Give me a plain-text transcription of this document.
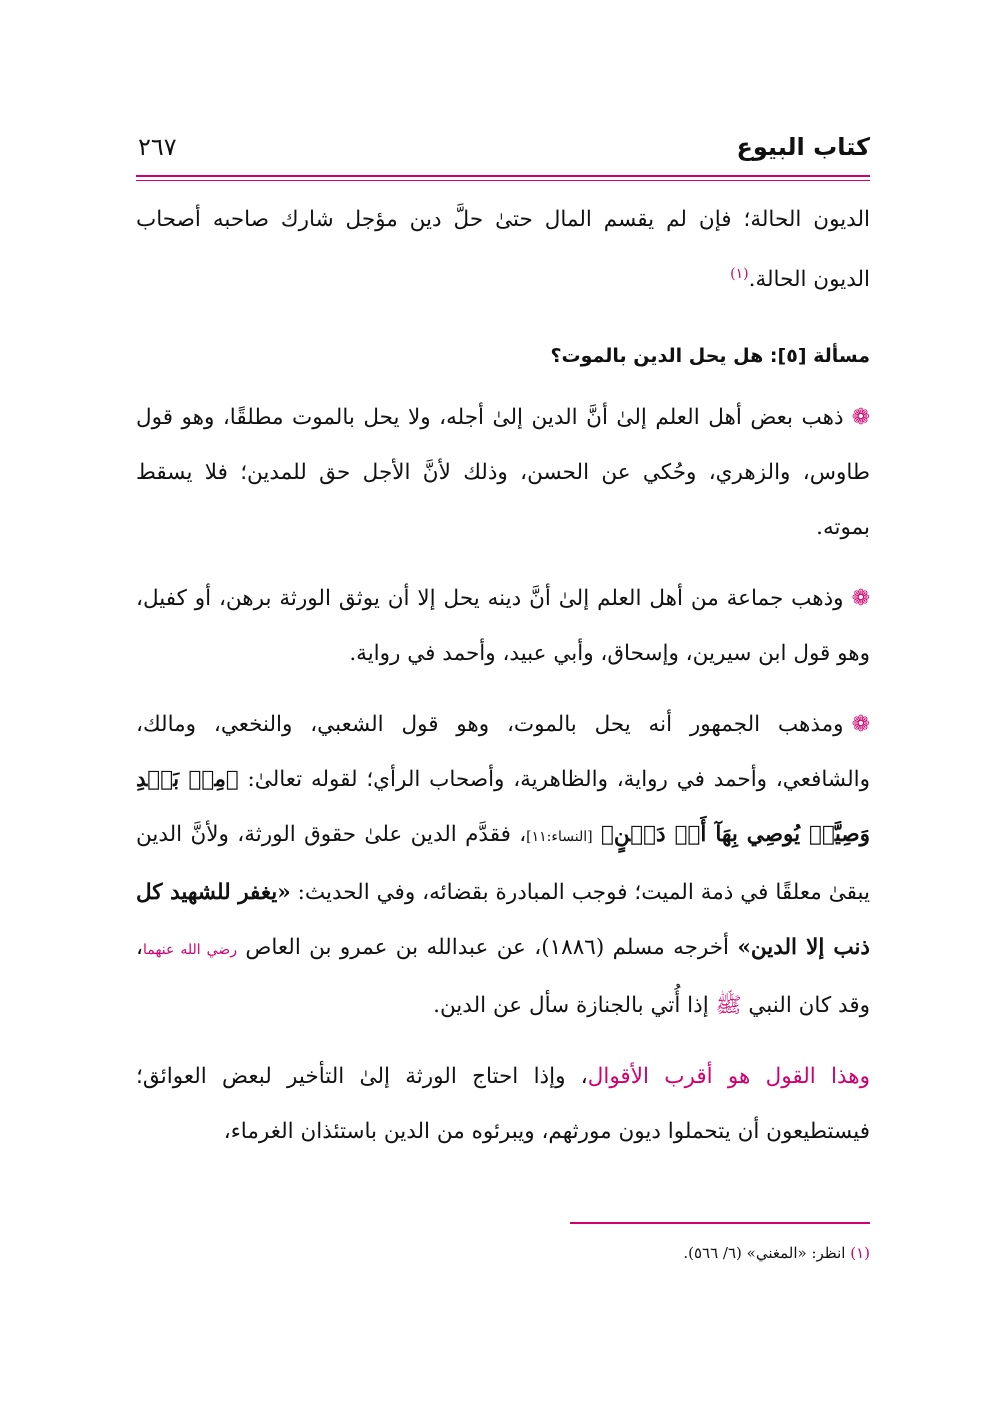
كتاب البيوع
٢٦٧

الديون الحالة؛ فإن لم يقسم المال حتىٰ حلَّ دين مؤجل شارك صاحبه أصحاب الديون الحالة.$^{(١)}$

مسألة [٥]: هل يحل الدين بالموت؟

❁ذهب بعض أهل العلم إلىٰ أنَّ الدين إلىٰ أجله، ولا يحل بالموت مطلقًا، وهو قول طاوس، والزهري، وحُكي عن الحسن، وذلك لأنَّ الأجل حق للمدين؛ فلا يسقط بموته.

❁وذهب جماعة من أهل العلم إلىٰ أنَّ دينه يحل إلا أن يوثق الورثة برهن، أو كفيل، وهو قول ابن سيرين، وإسحاق، وأبي عبيد، وأحمد في رواية.

❁ومذهب الجمهور أنه يحل بالموت، وهو قول الشعبي، والنخعي، ومالك، والشافعي، وأحمد في رواية، والظاهرية، وأصحاب الرأي؛ لقوله تعالىٰ: ﴿مِنۢ بَعۡدِ وَصِيَّةٖ يُوصِي بِهَآ أَوۡ دَيۡنٍ﴾ [النساء:١١]، فقدَّم الدين علىٰ حقوق الورثة، ولأنَّ الدين يبقىٰ معلقًا في ذمة الميت؛ فوجب المبادرة بقضائه، وفي الحديث: «يغفر للشهيد كل ذنب إلا الدين» أخرجه مسلم (١٨٨٦)، عن عبدالله بن عمرو بن العاص رضي الله عنهما، وقد كان النبي ﷺ إذا أُتي بالجنازة سأل عن الدين.

وهذا القول هو أقرب الأقوال، وإذا احتاج الورثة إلىٰ التأخير لبعض العوائق؛ فيستطيعون أن يتحملوا ديون مورثهم، ويبرئوه من الدين باستئذان الغرماء،

(١) انظر: «المغني» (٦/ ٥٦٦).
